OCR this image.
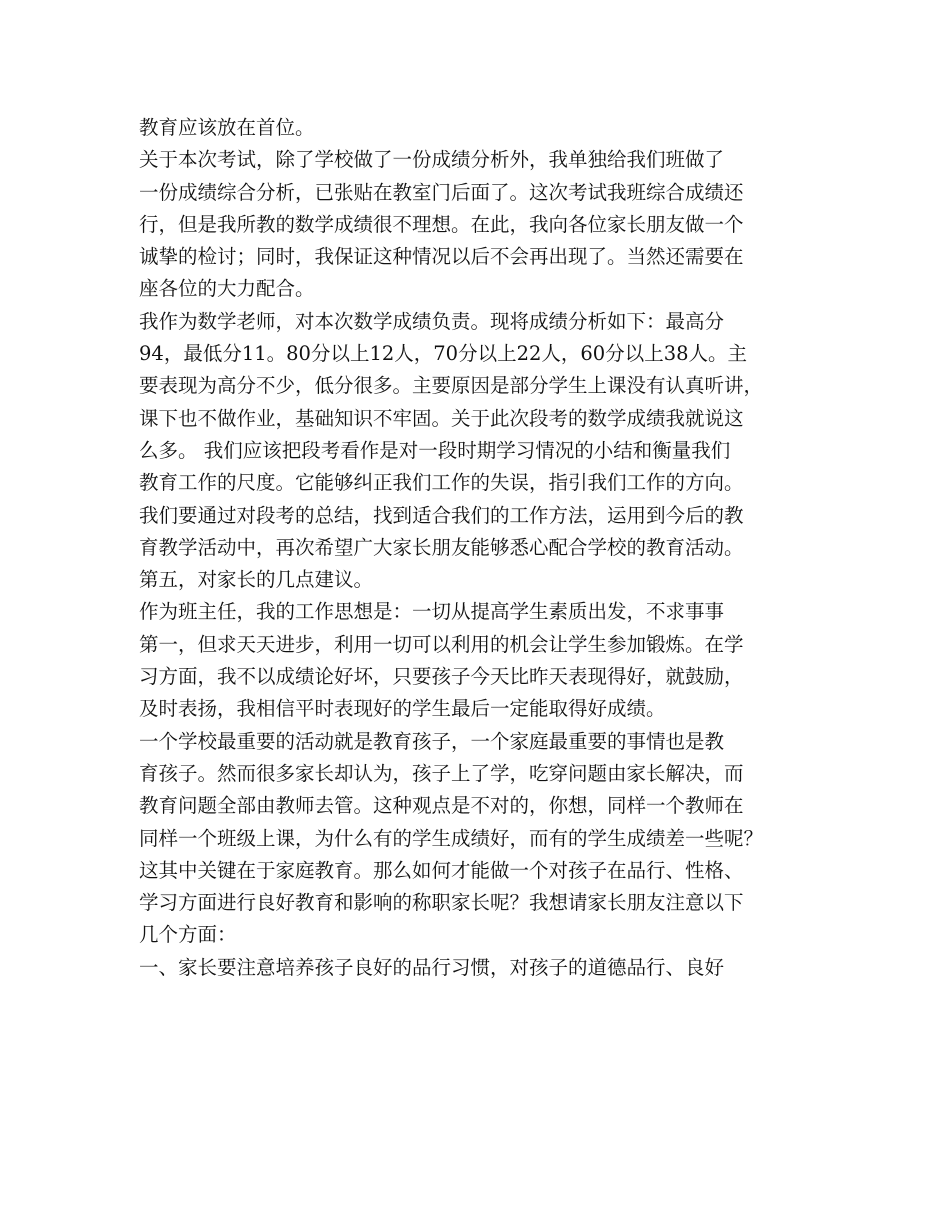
教育应该放在首位。
关于本次考试，除了学校做了一份成绩分析外，我单独给我们班做了
一份成绩综合分析，已张贴在教室门后面了。这次考试我班综合成绩还
行，但是我所教的数学成绩很不理想。在此，我向各位家长朋友做一个
诚挚的检讨；同时，我保证这种情况以后不会再出现了。当然还需要在
座各位的大力配合。
我作为数学老师，对本次数学成绩负责。现将成绩分析如下：最高分
94，最低分11。80分以上12人，70分以上22人，60分以上38人。主
要表现为高分不少，低分很多。主要原因是部分学生上课没有认真听讲，
课下也不做作业，基础知识不牢固。关于此次段考的数学成绩我就说这
么多。 我们应该把段考看作是对一段时期学习情况的小结和衡量我们
教育工作的尺度。它能够纠正我们工作的失误，指引我们工作的方向。
我们要通过对段考的总结，找到适合我们的工作方法，运用到今后的教
育教学活动中，再次希望广大家长朋友能够悉心配合学校的教育活动。
第五，对家长的几点建议。
作为班主任，我的工作思想是：一切从提高学生素质出发，不求事事
第一，但求天天进步，利用一切可以利用的机会让学生参加锻炼。在学
习方面，我不以成绩论好坏，只要孩子今天比昨天表现得好，就鼓励，
及时表扬，我相信平时表现好的学生最后一定能取得好成绩。
一个学校最重要的活动就是教育孩子，一个家庭最重要的事情也是教
育孩子。然而很多家长却认为，孩子上了学，吃穿问题由家长解决，而
教育问题全部由教师去管。这种观点是不对的，你想，同样一个教师在
同样一个班级上课，为什么有的学生成绩好，而有的学生成绩差一些呢？
这其中关键在于家庭教育。那么如何才能做一个对孩子在品行、性格、
学习方面进行良好教育和影响的称职家长呢？我想请家长朋友注意以下
几个方面：
一、家长要注意培养孩子良好的品行习惯，对孩子的道德品行、良好
